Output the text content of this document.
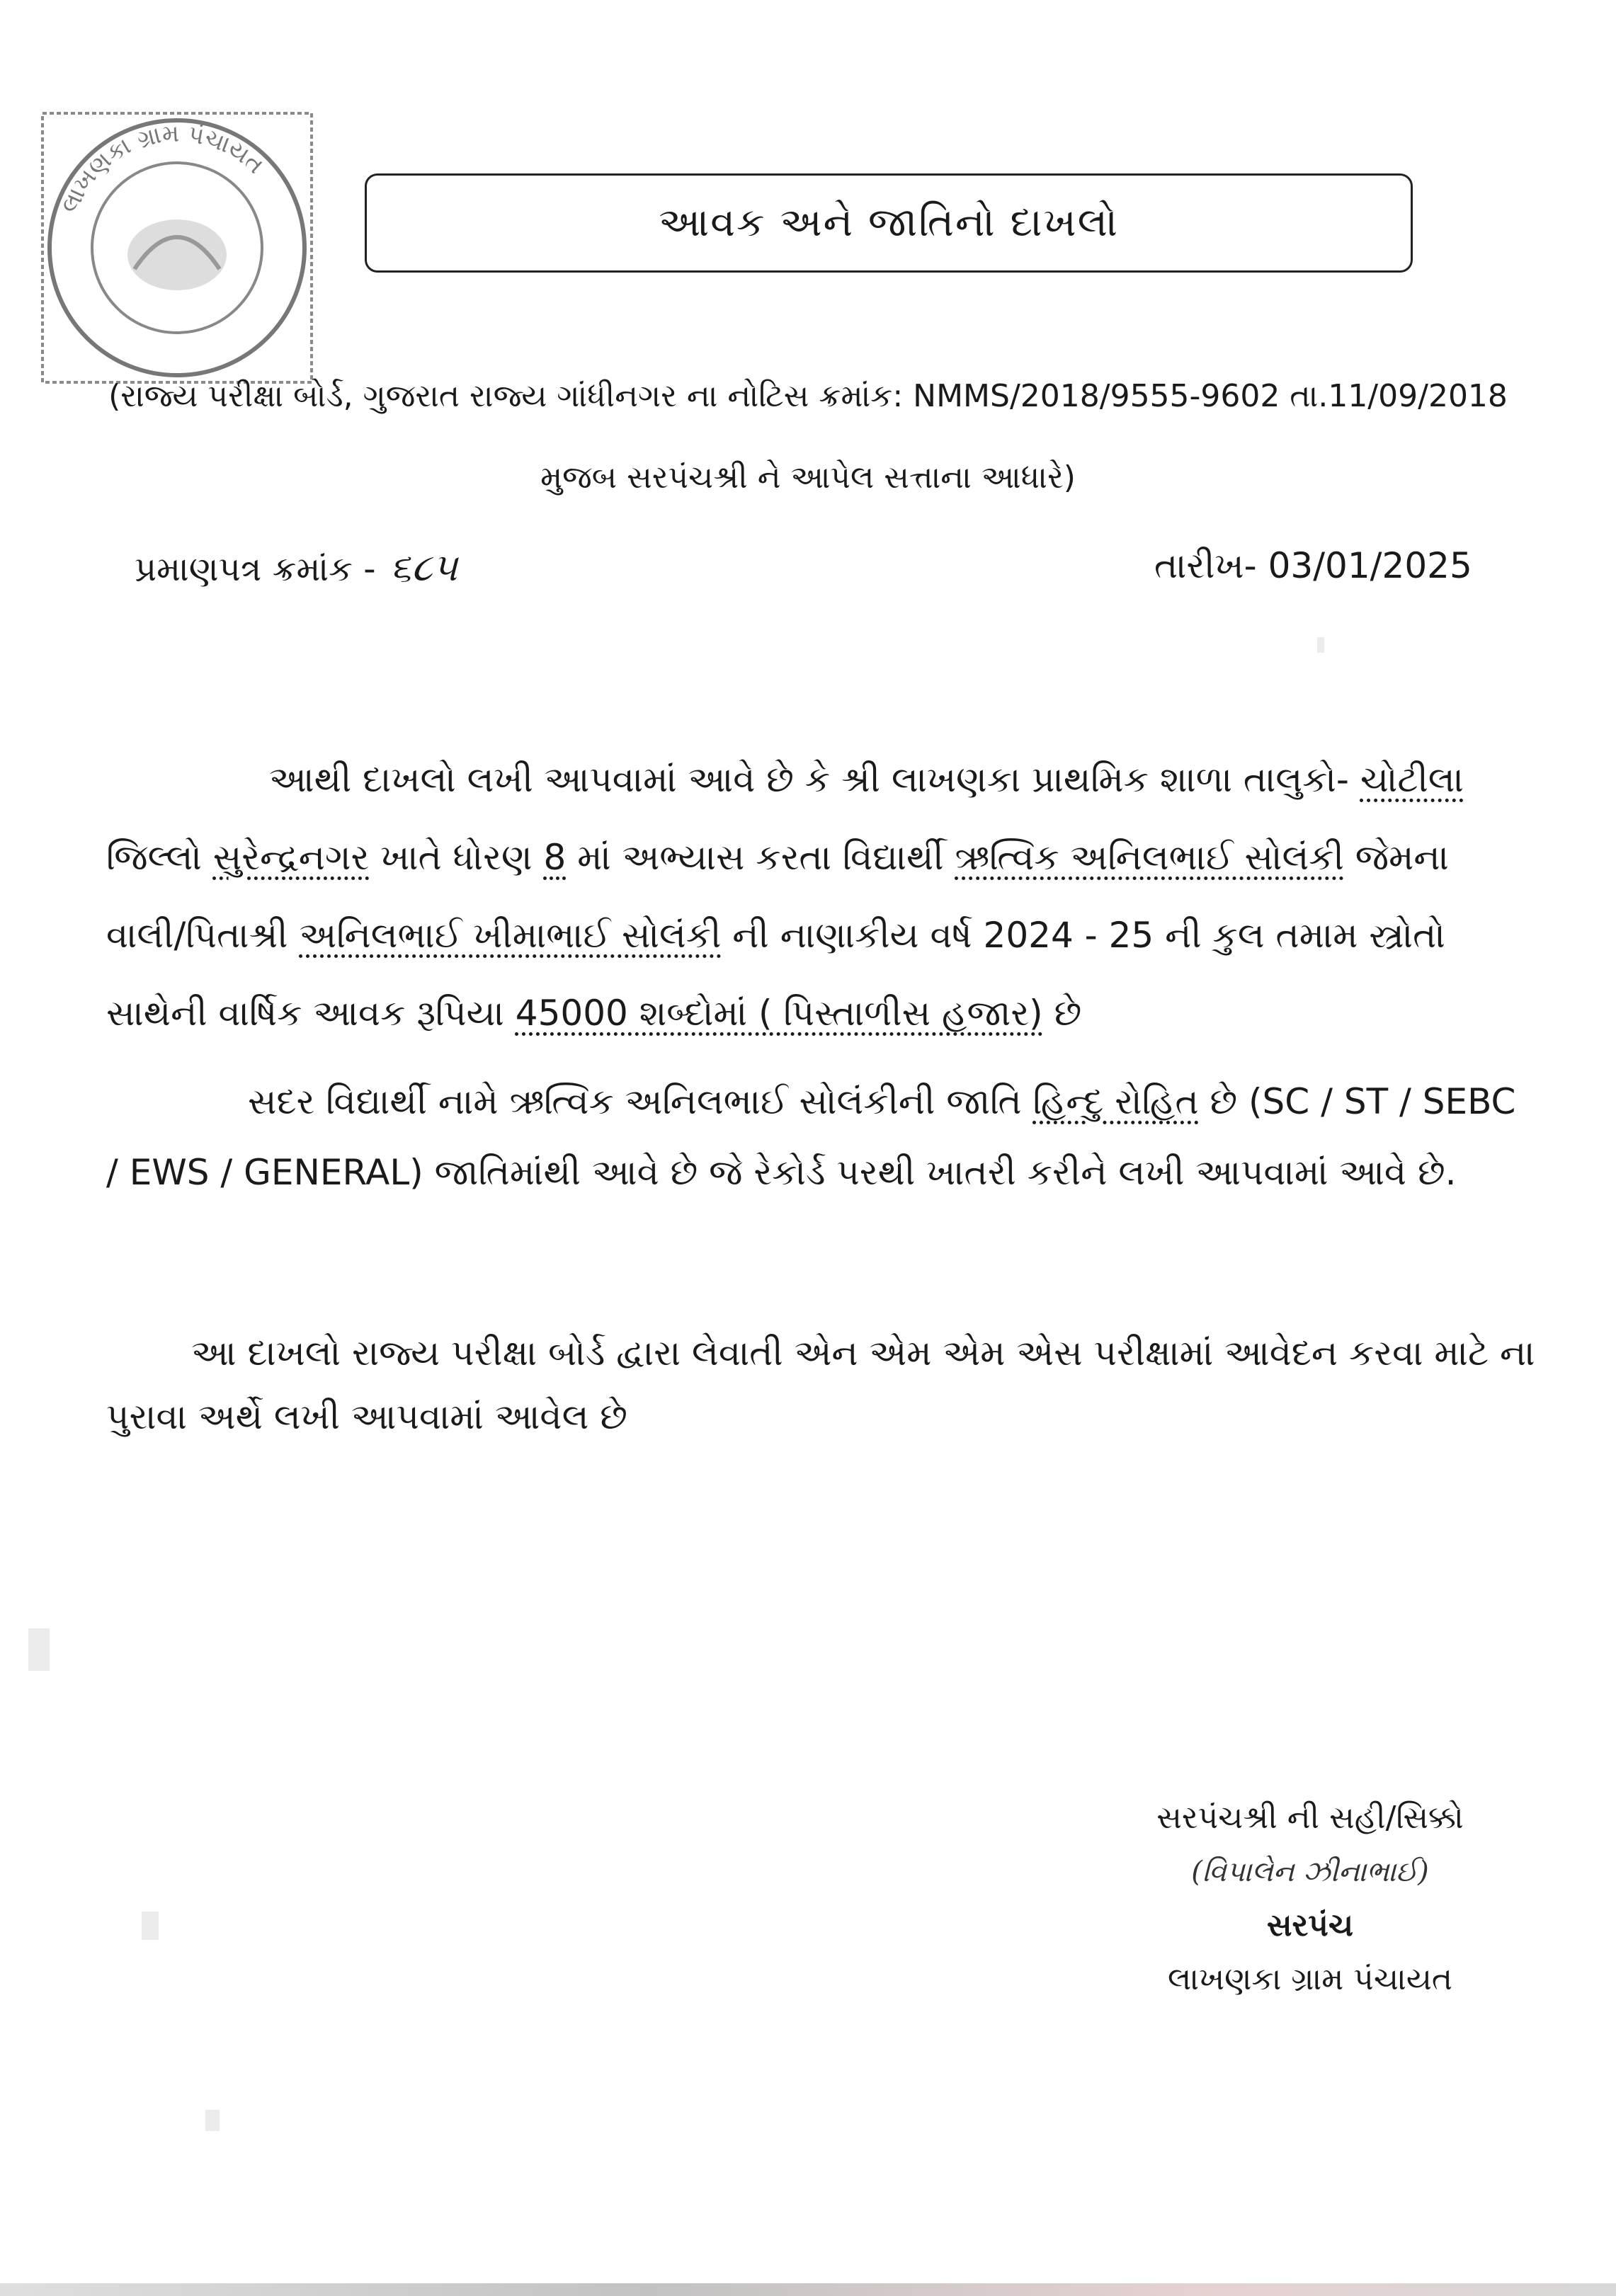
લાખણકા ગ્રામ પંચાયત
આવક અને જાતિનો દાખલો
(રાજ્ય પરીક્ષા બોર્ડ, ગુજરાત રાજ્ય ગાંધીનગર ના નોટિસ ક્રમાંક: NMMS/2018/9555-9602 તા.11/09/2018
મુજબ સરપંચશ્રી ને આપેલ સત્તાના આધારે)
પ્રમાણપત્ર ક્રમાંક - ૬૮૫	તારીખ- 03/01/2025
આથી દાખલો લખી આપવામાં આવે છે કે શ્રી લાખણકા પ્રાથમિક શાળા તાલુકો- ચોટીલા
જિલ્લો સુરેન્દ્રનગર ખાતે ધોરણ 8 માં અભ્યાસ કરતા વિદ્યાર્થી ઋત્વિક અનિલભાઈ સોલંકી જેમના
વાલી/પિતાશ્રી અનિલભાઈ ખીમાભાઈ સોલંકી ની નાણાકીય વર્ષ 2024 - 25 ની કુલ તમામ સ્ત્રોતો
સાથેની વાર્ષિક આવક રૂપિયા 45000 શબ્દોમાં ( પિસ્તાળીસ હજાર) છે
સદર વિદ્યાર્થી નામે ઋત્વિક અનિલભાઈ સોલંકીની જાતિ હિન્દુ રોહિત છે (SC / ST / SEBC
/ EWS / GENERAL) જાતિમાંથી આવે છે જે રેકોર્ડ પરથી ખાતરી કરીને લખી આપવામાં આવે છે.
આ દાખલો રાજ્ય પરીક્ષા બોર્ડ દ્વારા લેવાતી એન એમ એમ એસ પરીક્ષામાં આવેદન કરવા માટે ના
પુરાવા અર્થે લખી આપવામાં આવેલ છે
સરપંચશ્રી ની સહી/સિક્કો
(વિપાલેન ઝીનાભાઈ)
સરપંચ
લાખણકા ગ્રામ પંચાયત
